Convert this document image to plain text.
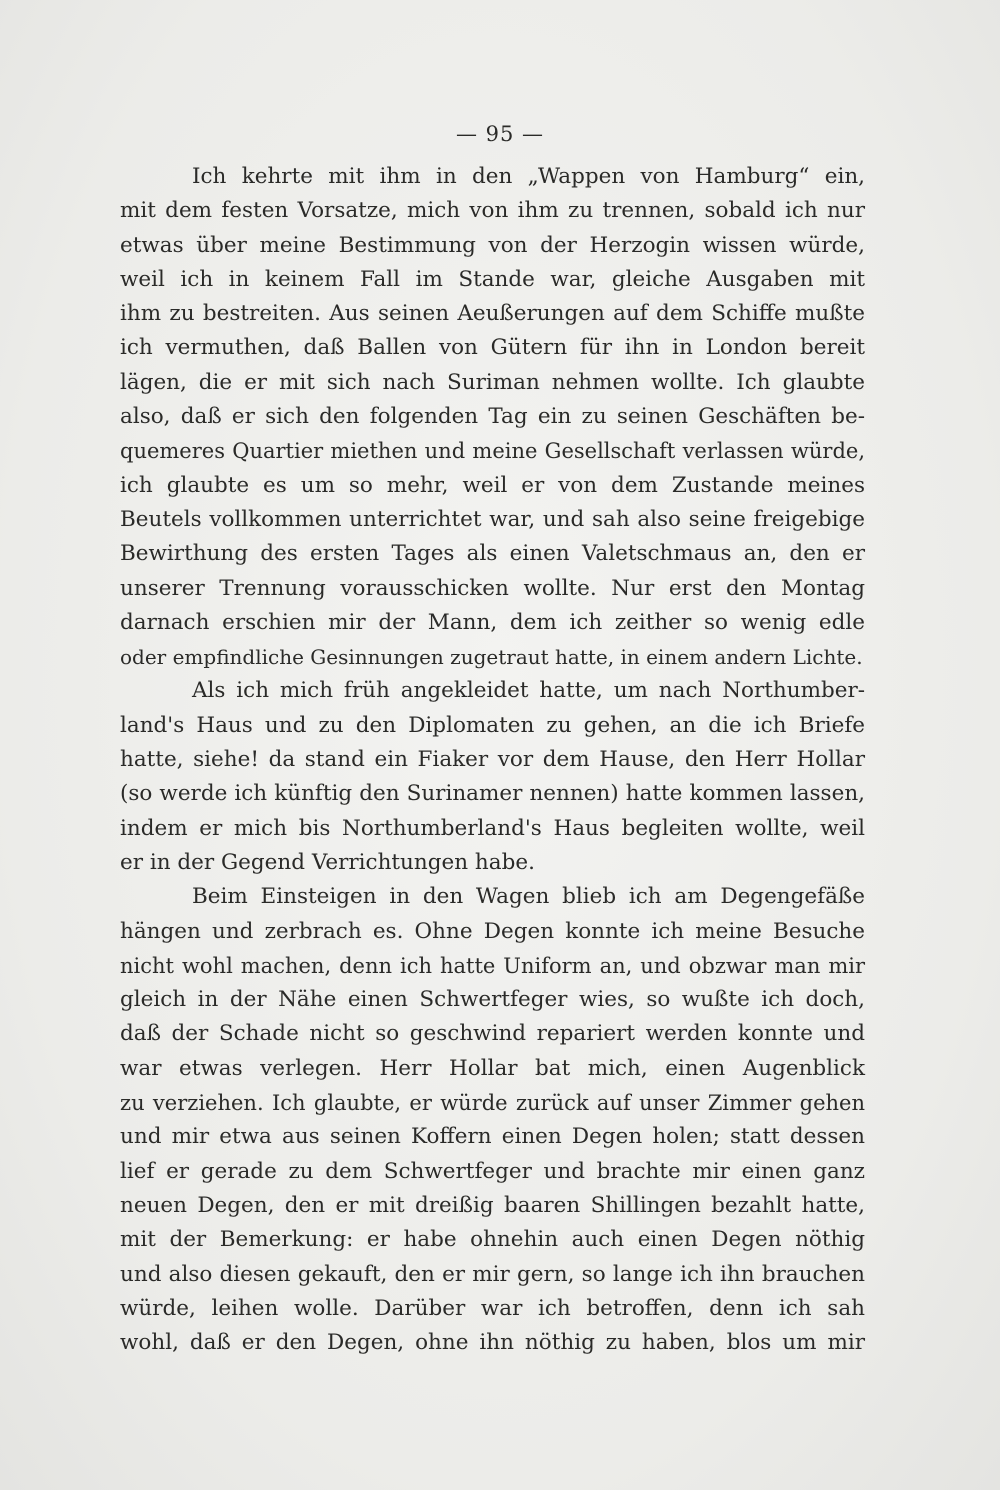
— 95 —
Ich kehrte mit ihm in den „Wappen von Hamburg“ ein,
mit dem festen Vorsatze, mich von ihm zu trennen, sobald ich nur
etwas über meine Bestimmung von der Herzogin wissen würde,
weil ich in keinem Fall im Stande war, gleiche Ausgaben mit
ihm zu bestreiten. Aus seinen Aeußerungen auf dem Schiffe mußte
ich vermuthen, daß Ballen von Gütern für ihn in London bereit
lägen, die er mit sich nach Suriman nehmen wollte. Ich glaubte
also, daß er sich den folgenden Tag ein zu seinen Geschäften be-
quemeres Quartier miethen und meine Gesellschaft verlassen würde,
ich glaubte es um so mehr, weil er von dem Zustande meines
Beutels vollkommen unterrichtet war, und sah also seine freigebige
Bewirthung des ersten Tages als einen Valetschmaus an, den er
unserer Trennung vorausschicken wollte. Nur erst den Montag
darnach erschien mir der Mann, dem ich zeither so wenig edle
oder empfindliche Gesinnungen zugetraut hatte, in einem andern Lichte.
Als ich mich früh angekleidet hatte, um nach Northumber-
land's Haus und zu den Diplomaten zu gehen, an die ich Briefe
hatte, siehe! da stand ein Fiaker vor dem Hause, den Herr Hollar
(so werde ich künftig den Surinamer nennen) hatte kommen lassen,
indem er mich bis Northumberland's Haus begleiten wollte, weil
er in der Gegend Verrichtungen habe.
Beim Einsteigen in den Wagen blieb ich am Degengefäße
hängen und zerbrach es. Ohne Degen konnte ich meine Besuche
nicht wohl machen, denn ich hatte Uniform an, und obzwar man mir
gleich in der Nähe einen Schwertfeger wies, so wußte ich doch,
daß der Schade nicht so geschwind repariert werden konnte und
war etwas verlegen. Herr Hollar bat mich, einen Augenblick
zu verziehen. Ich glaubte, er würde zurück auf unser Zimmer gehen
und mir etwa aus seinen Koffern einen Degen holen; statt dessen
lief er gerade zu dem Schwertfeger und brachte mir einen ganz
neuen Degen, den er mit dreißig baaren Shillingen bezahlt hatte,
mit der Bemerkung: er habe ohnehin auch einen Degen nöthig
und also diesen gekauft, den er mir gern, so lange ich ihn brauchen
würde, leihen wolle. Darüber war ich betroffen, denn ich sah
wohl, daß er den Degen, ohne ihn nöthig zu haben, blos um mir
